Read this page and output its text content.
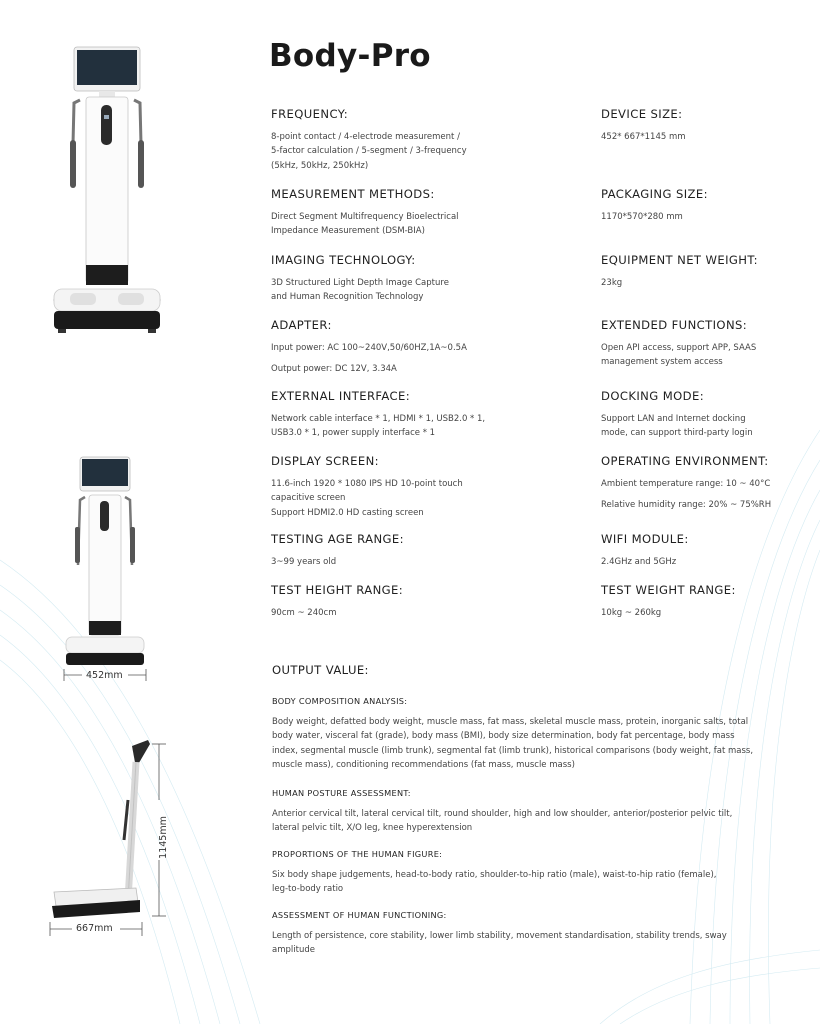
452mm
1145mm
667mm
Body-Pro
FREQUENCY:
8-point contact / 4-electrode measurement /
5-factor calculation / 5-segment / 3-frequency
(5kHz, 50kHz, 250kHz)
MEASUREMENT METHODS:
Direct Segment Multifrequency Bioelectrical
Impedance Measurement (DSM-BIA)
IMAGING TECHNOLOGY:
3D Structured Light Depth Image Capture
and Human Recognition Technology
ADAPTER:
Input power: AC 100~240V,50/60HZ,1A~0.5A
Output power: DC 12V, 3.34A
EXTERNAL INTERFACE:
Network cable interface * 1, HDMI * 1, USB2.0 * 1,
USB3.0 * 1, power supply interface * 1
DISPLAY SCREEN:
11.6-inch 1920 * 1080 IPS HD 10-point touch
capacitive screen
Support HDMI2.0 HD casting screen
TESTING AGE RANGE:
3~99 years old
TEST HEIGHT RANGE:
90cm ~ 240cm
DEVICE SIZE:
452* 667*1145 mm
PACKAGING SIZE:
1170*570*280 mm
EQUIPMENT NET WEIGHT:
23kg
EXTENDED FUNCTIONS:
Open API access, support APP, SAAS
management system access
DOCKING MODE:
Support LAN and Internet docking
mode, can support third-party login
OPERATING ENVIRONMENT:
Ambient temperature range: 10 ~ 40°C
Relative humidity range: 20% ~ 75%RH
WIFI MODULE:
2.4GHz and 5GHz
TEST WEIGHT RANGE:
10kg ~ 260kg
OUTPUT VALUE:
BODY COMPOSITION ANALYSIS:
Body weight, defatted body weight, muscle mass, fat mass, skeletal muscle mass, protein, inorganic salts, total
body water, visceral fat (grade), body mass (BMI), body size determination, body fat percentage, body mass
index, segmental muscle (limb trunk), segmental fat (limb trunk), historical comparisons (body weight, fat mass,
muscle mass), conditioning recommendations (fat mass, muscle mass)
HUMAN POSTURE ASSESSMENT:
Anterior cervical tilt, lateral cervical tilt, round shoulder, high and low shoulder, anterior/posterior pelvic tilt,
lateral pelvic tilt, X/O leg, knee hyperextension
PROPORTIONS OF THE HUMAN FIGURE:
Six body shape judgements, head-to-body ratio, shoulder-to-hip ratio (male), waist-to-hip ratio (female),
leg-to-body ratio
ASSESSMENT OF HUMAN FUNCTIONING:
Length of persistence, core stability, lower limb stability, movement standardisation, stability trends, sway
amplitude
